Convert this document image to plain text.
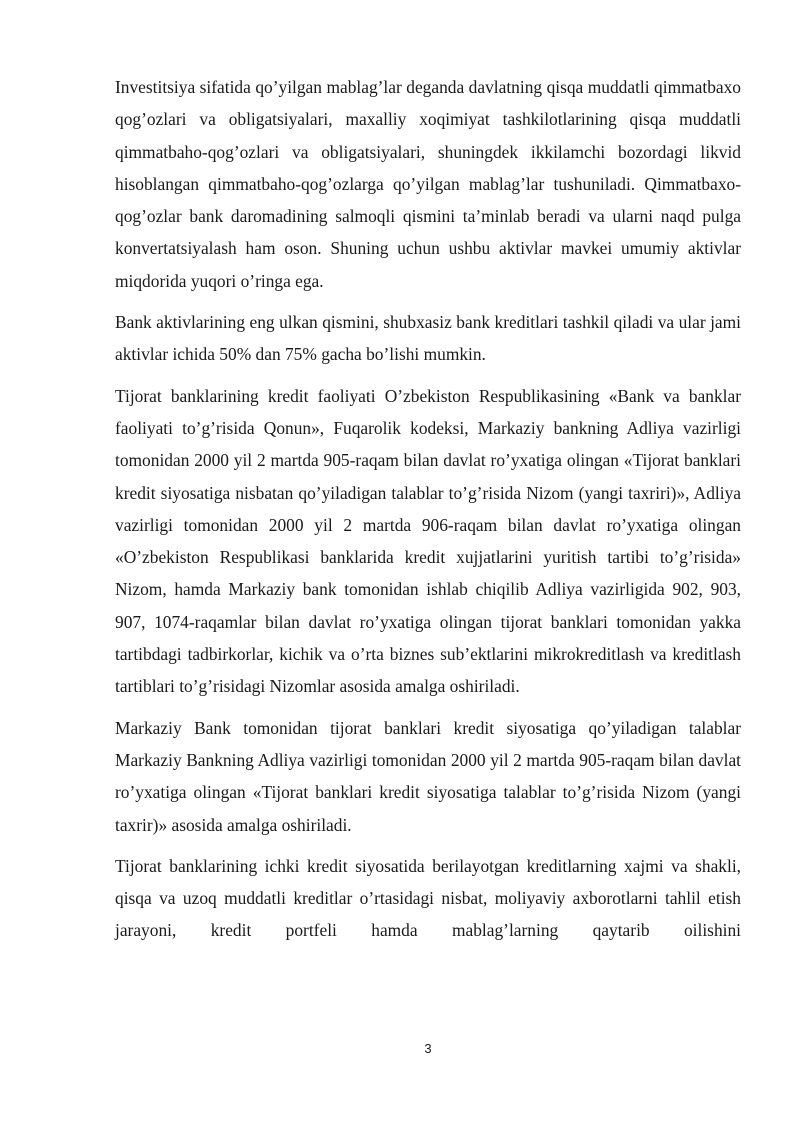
Investitsiya sifatida qo’yilgan mablag’lar deganda davlatning qisqa muddatli qimmatbaxo qog’ozlari va obligatsiyalari, maxalliy xoqimiyat tashkilotlarining qisqa muddatli qimmatbaho-qog’ozlari va obligatsiyalari, shuningdek ikkilamchi bozordagi likvid hisoblangan qimmatbaho-qog’ozlarga qo’yilgan mablag’lar tushuniladi. Qimmatbaxo-qog’ozlar bank daromadining salmoqli qismini ta’minlab beradi va ularni naqd pulga konvertatsiyalash ham oson. Shuning uchun ushbu aktivlar mavkei umumiy aktivlar miqdorida yuqori o’ringa ega.

Bank aktivlarining eng ulkan qismini, shubxasiz bank kreditlari tashkil qiladi va ular jami aktivlar ichida 50% dan 75% gacha bo’lishi mumkin.

Tijorat banklarining kredit faoliyati O’zbekiston Respublikasining «Bank va banklar faoliyati to’g’risida Qonun», Fuqarolik kodeksi, Markaziy bankning Adliya vazirligi tomonidan 2000 yil 2 martda 905-raqam bilan davlat ro’yxatiga olingan «Tijorat banklari kredit siyosatiga nisbatan qo’yiladigan talablar to’g’risida Nizom (yangi taxriri)», Adliya vazirligi tomonidan 2000 yil 2 martda 906-raqam bilan davlat ro’yxatiga olingan «O’zbekiston Respublikasi banklarida kredit xujjatlarini yuritish tartibi to’g’risida» Nizom, hamda Markaziy bank tomonidan ishlab chiqilib Adliya vazirligida 902, 903, 907, 1074-raqamlar bilan davlat ro’yxatiga olingan tijorat banklari tomonidan yakka tartibdagi tadbirkorlar, kichik va o’rta biznes sub’ektlarini mikrokreditlash va kreditlash tartiblari to’g’risidagi Nizomlar asosida amalga oshiriladi.

Markaziy Bank tomonidan tijorat banklari kredit siyosatiga qo’yiladigan talablar Markaziy Bankning Adliya vazirligi tomonidan 2000 yil 2 martda 905-raqam bilan davlat ro’yxatiga olingan «Tijorat banklari kredit siyosatiga talablar to’g’risida Nizom (yangi taxrir)» asosida amalga oshiriladi.

Tijorat banklarining ichki kredit siyosatida berilayotgan kreditlarning xajmi va shakli, qisqa va uzoq muddatli kreditlar o’rtasidagi nisbat, moliyaviy axborotlarni tahlil etish jarayoni, kredit portfeli hamda mablag’larning qaytarib oilishini

3
